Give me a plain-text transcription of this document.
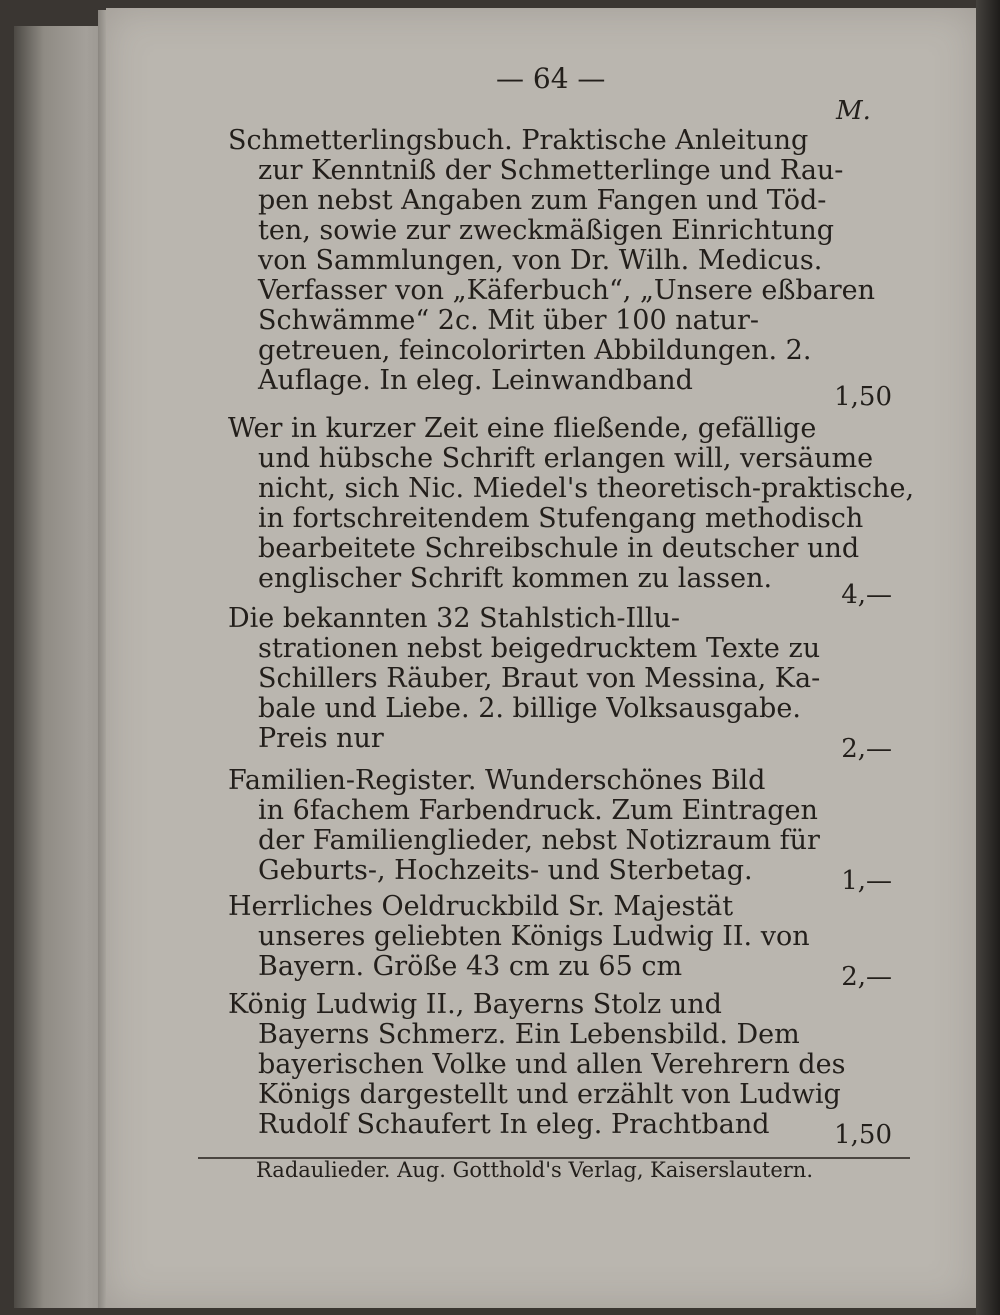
— 64 —
M.
Schmetterlingsbuch. Praktische Anleitung
zur Kenntniß der Schmetterlinge und Rau-
pen nebst Angaben zum Fangen und Töd-
ten, sowie zur zweckmäßigen Einrichtung
von Sammlungen, von Dr. Wilh. Medicus.
Verfasser von „Käferbuch“, „Unsere eßbaren
Schwämme“ 2c. Mit über 100 natur-
getreuen, feincolorirten Abbildungen. 2.
Auflage. In eleg. Leinwandband
1,50
Wer in kurzer Zeit eine fließende, gefällige
und hübsche Schrift erlangen will, versäume
nicht, sich Nic. Miedel's theoretisch-praktische,
in fortschreitendem Stufengang methodisch
bearbeitete Schreibschule in deutscher und
englischer Schrift kommen zu lassen.
4,—
Die bekannten 32 Stahlstich-Illu-
strationen nebst beigedrucktem Texte zu
Schillers Räuber, Braut von Messina, Ka-
bale und Liebe. 2. billige Volksausgabe.
Preis nur	2,—
Familien-Register. Wunderschönes Bild
in 6fachem Farbendruck. Zum Eintragen
der Familienglieder, nebst Notizraum für
Geburts-, Hochzeits- und Sterbetag.	1,—
Herrliches Oeldruckbild Sr. Majestät
unseres geliebten Königs Ludwig II. von
Bayern. Größe 43 cm zu 65 cm	2,—
König Ludwig II., Bayerns Stolz und
Bayerns Schmerz. Ein Lebensbild. Dem
bayerischen Volke und allen Verehrern des
Königs dargestellt und erzählt von Ludwig
Rudolf Schaufert In eleg. Prachtband	1,50
Radaulieder. Aug. Gotthold's Verlag, Kaiserslautern.
